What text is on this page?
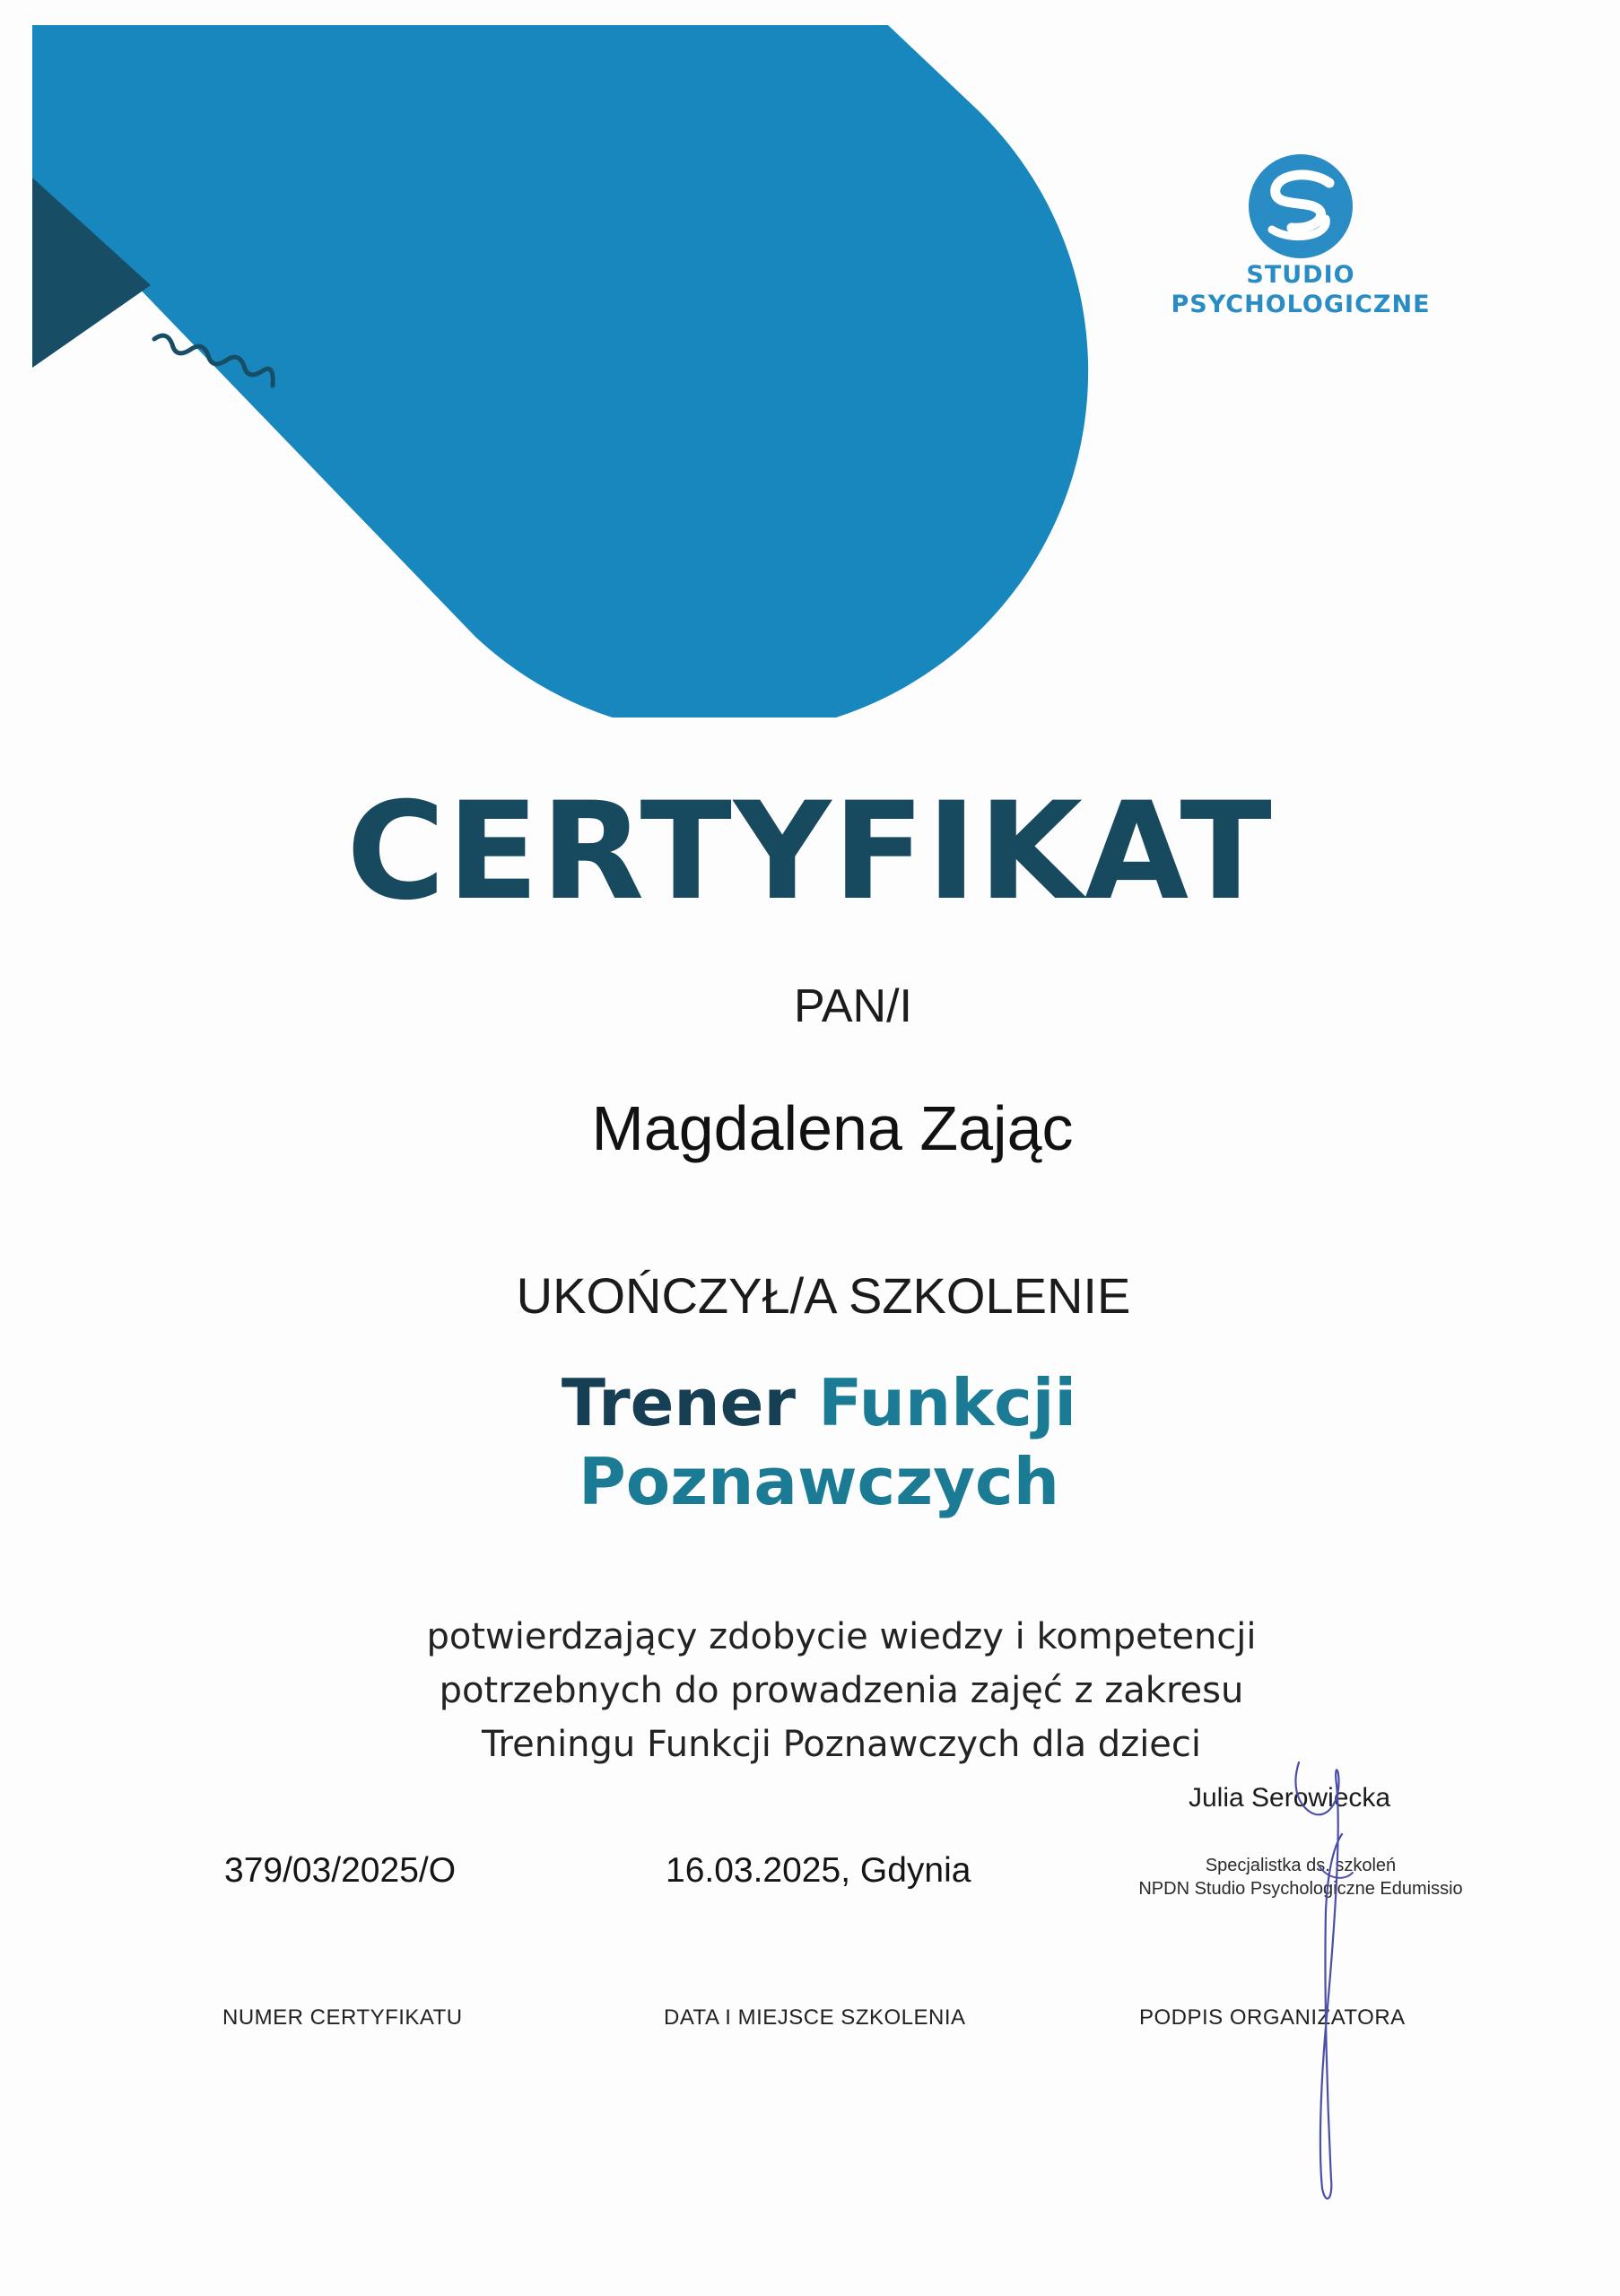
STUDIO
PSYCHOLOGICZNE
CERTYFIKAT
PAN/I
Magdalena Zając
UKOŃCZYŁ/A SZKOLENIE
Trener Funkcji
Poznawczych
potwierdzający zdobycie wiedzy i kompetencji
potrzebnych do prowadzenia zajęć z zakresu
Treningu Funkcji Poznawczych dla dzieci
Julia Serowiecka
Specjalistka ds. szkoleń
NPDN Studio Psychologiczne Edumissio
379/03/2025/O	16.03.2025, Gdynia
NUMER CERTYFIKATU	DATA I MIEJSCE SZKOLENIA	PODPIS ORGANIZATORA
